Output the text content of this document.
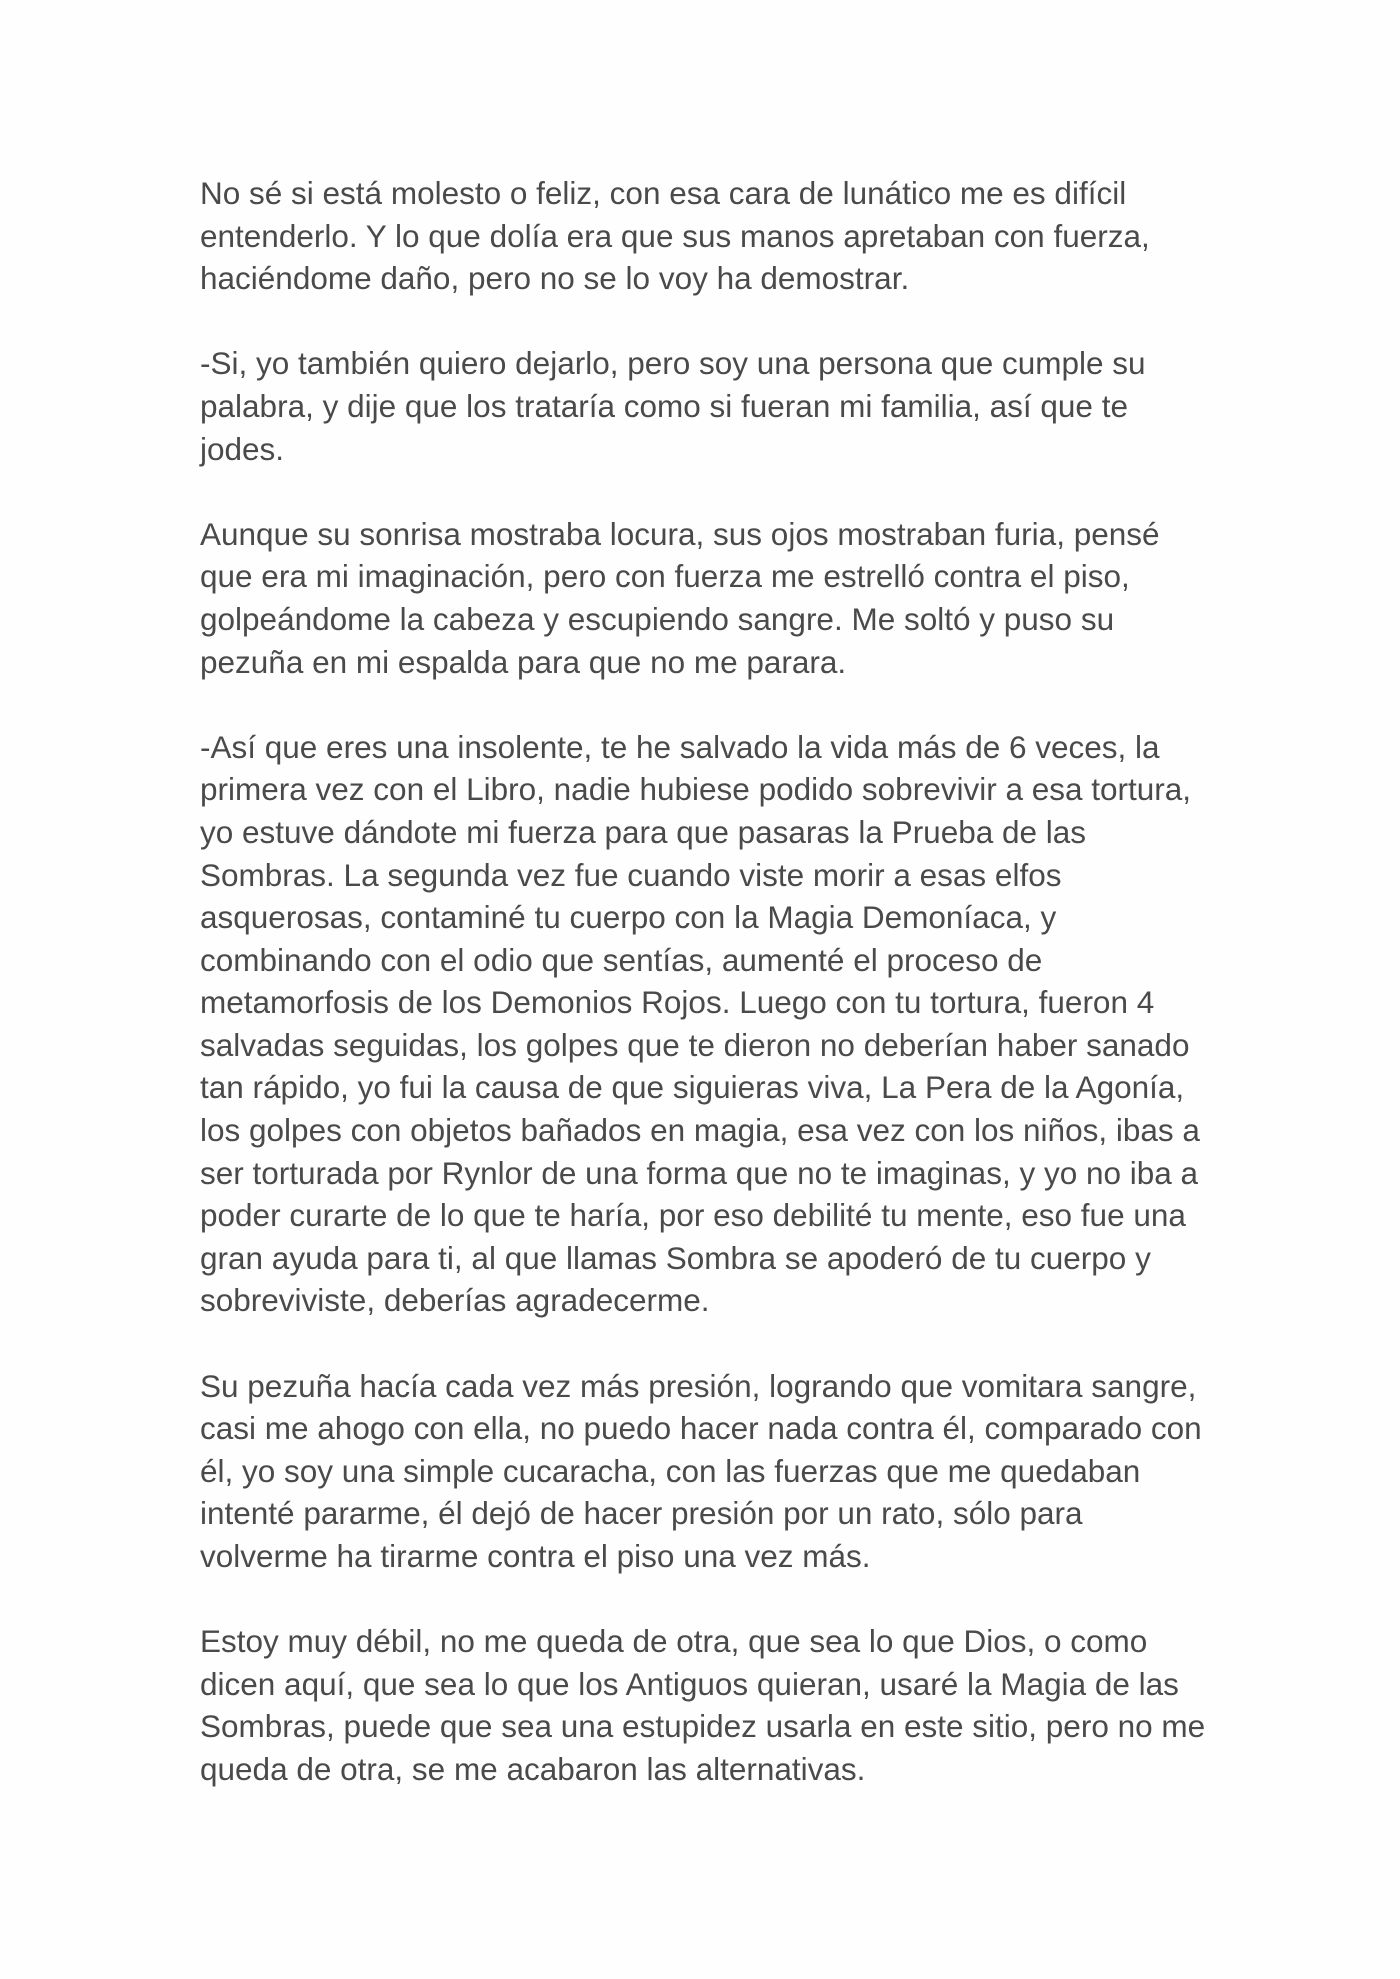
No sé si está molesto o feliz, con esa cara de lunático me es difícil entenderlo. Y lo que dolía era que sus manos apretaban con fuerza, haciéndome daño, pero no se lo voy ha demostrar.

-Si, yo también quiero dejarlo, pero soy una persona que cumple su palabra, y dije que los trataría como si fueran mi familia, así que te jodes.

Aunque su sonrisa mostraba locura, sus ojos mostraban furia, pensé que era mi imaginación, pero con fuerza me estrelló contra el piso, golpeándome la cabeza y escupiendo sangre. Me soltó y puso su pezuña en mi espalda para que no me parara.

-Así que eres una insolente, te he salvado la vida más de 6 veces, la primera vez con el Libro, nadie hubiese podido sobrevivir a esa tortura, yo estuve dándote mi fuerza para que pasaras la Prueba de las Sombras. La segunda vez fue cuando viste morir a esas elfos asquerosas, contaminé tu cuerpo con la Magia Demoníaca, y combinando con el odio que sentías, aumenté el proceso de metamorfosis de los Demonios Rojos. Luego con tu tortura, fueron 4 salvadas seguidas, los golpes que te dieron no deberían haber sanado tan rápido, yo fui la causa de que siguieras viva, La Pera de la Agonía, los golpes con objetos bañados en magia, esa vez con los niños, ibas a ser torturada por Rynlor de una forma que no te imaginas, y yo no iba a poder curarte de lo que te haría, por eso debilité tu mente, eso fue una gran ayuda para ti, al que llamas Sombra se apoderó de tu cuerpo y sobreviviste, deberías agradecerme.

Su pezuña hacía cada vez más presión, logrando que vomitara sangre, casi me ahogo con ella, no puedo hacer nada contra él, comparado con él, yo soy una simple cucaracha, con las fuerzas que me quedaban intenté pararme, él dejó de hacer presión por un rato, sólo para volverme ha tirarme contra el piso una vez más.

Estoy muy débil, no me queda de otra, que sea lo que Dios, o como dicen aquí, que sea lo que los Antiguos quieran, usaré la Magia de las Sombras, puede que sea una estupidez usarla en este sitio, pero no me queda de otra, se me acabaron las alternativas.
